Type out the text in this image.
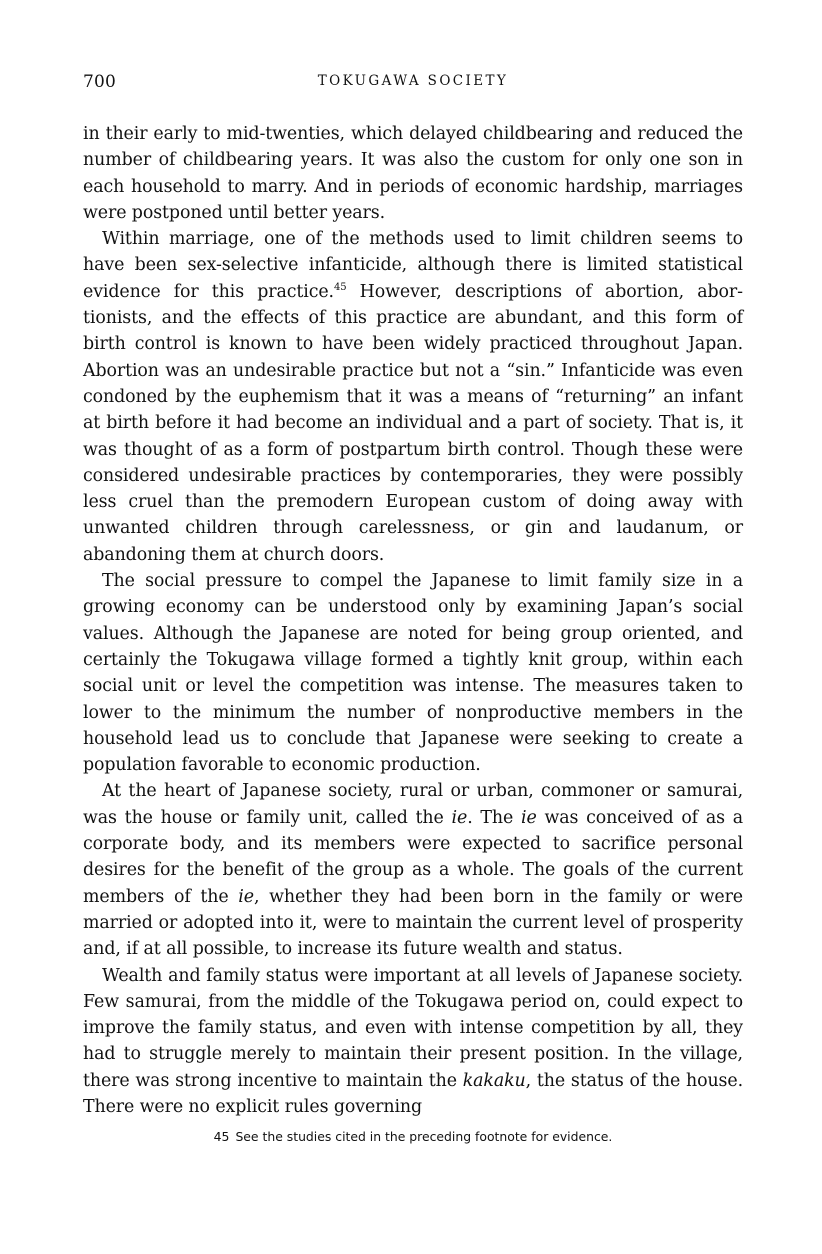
700	TOKUGAWA SOCIETY

in their early to mid-twenties, which delayed childbearing and reduced the number of childbearing years. It was also the custom for only one son in each household to marry. And in periods of economic hardship, marriages were postponed until better years.

Within marriage, one of the methods used to limit children seems to have been sex-selective infanticide, although there is limited statistical evidence for this practice.$^{45}$ However, descriptions of abortion, abortionists, and the effects of this practice are abundant, and this form of birth control is known to have been widely practiced throughout Japan. Abortion was an undesirable practice but not a “sin.” Infanticide was even condoned by the euphemism that it was a means of “returning” an infant at birth before it had become an individual and a part of society. That is, it was thought of as a form of postpartum birth control. Though these were considered undesirable practices by contemporaries, they were possibly less cruel than the premodern European custom of doing away with unwanted children through carelessness, or gin and laudanum, or abandoning them at church doors.

The social pressure to compel the Japanese to limit family size in a growing economy can be understood only by examining Japan’s social values. Although the Japanese are noted for being group oriented, and certainly the Tokugawa village formed a tightly knit group, within each social unit or level the competition was intense. The measures taken to lower to the minimum the number of nonproductive members in the household lead us to conclude that Japanese were seeking to create a population favorable to economic production.

At the heart of Japanese society, rural or urban, commoner or samurai, was the house or family unit, called the ie. The ie was conceived of as a corporate body, and its members were expected to sacrifice personal desires for the benefit of the group as a whole. The goals of the current members of the ie, whether they had been born in the family or were married or adopted into it, were to maintain the current level of prosperity and, if at all possible, to increase its future wealth and status.

Wealth and family status were important at all levels of Japanese society. Few samurai, from the middle of the Tokugawa period on, could expect to improve the family status, and even with intense competition by all, they had to struggle merely to maintain their present position. In the village, there was strong incentive to maintain the kakaku, the status of the house. There were no explicit rules governing

45 See the studies cited in the preceding footnote for evidence.
